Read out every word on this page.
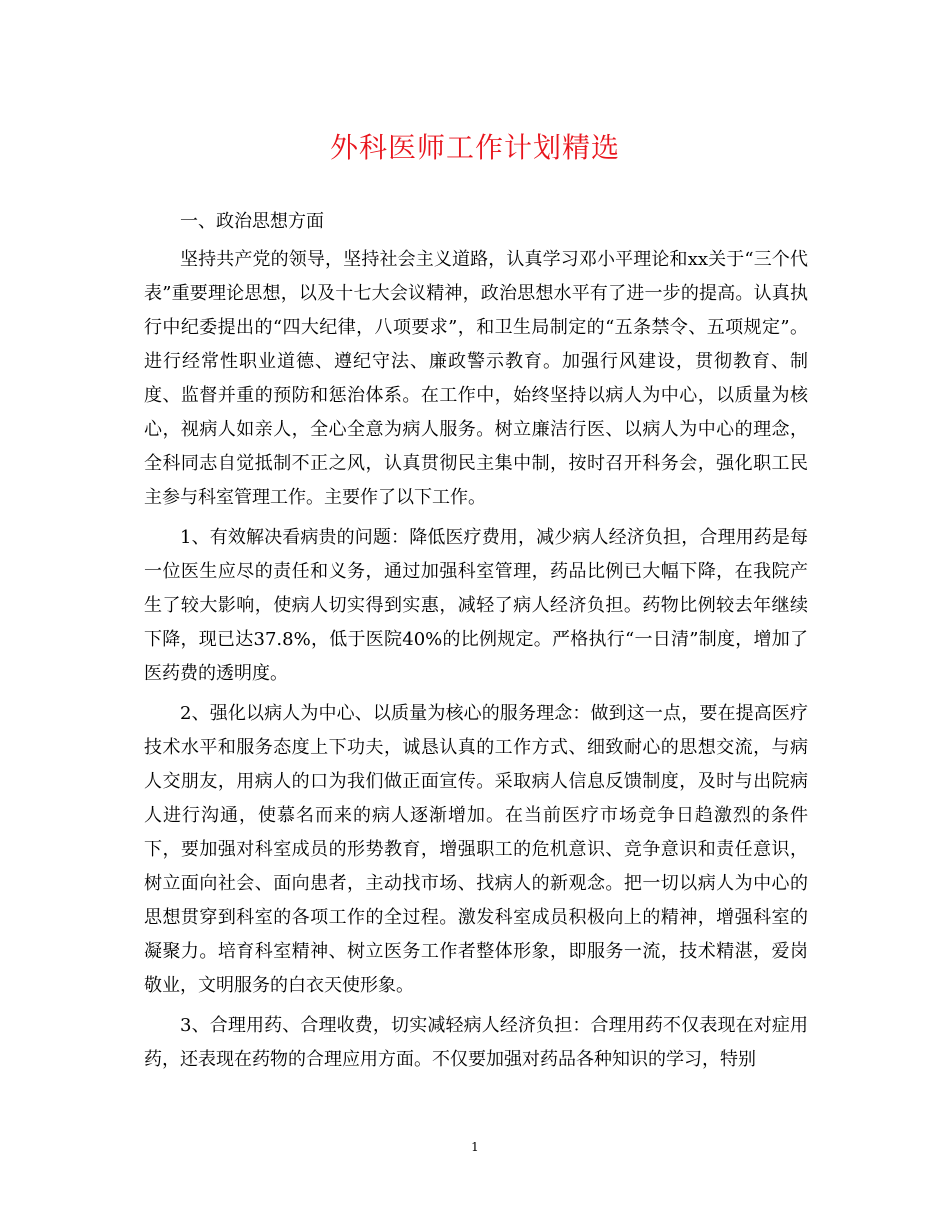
外科医师工作计划精选

一、政治思想方面

坚持共产党的领导，坚持社会主义道路，认真学习邓小平理论和xx关于“三个代表”重要理论思想，以及十七大会议精神，政治思想水平有了进一步的提高。认真执行中纪委提出的“四大纪律，八项要求”，和卫生局制定的“五条禁令、五项规定”。进行经常性职业道德、遵纪守法、廉政警示教育。加强行风建设，贯彻教育、制度、监督并重的预防和惩治体系。在工作中，始终坚持以病人为中心，以质量为核心，视病人如亲人，全心全意为病人服务。树立廉洁行医、以病人为中心的理念，全科同志自觉抵制不正之风，认真贯彻民主集中制，按时召开科务会，强化职工民主参与科室管理工作。主要作了以下工作。

1、有效解决看病贵的问题：降低医疗费用，减少病人经济负担，合理用药是每一位医生应尽的责任和义务，通过加强科室管理，药品比例已大幅下降，在我院产生了较大影响，使病人切实得到实惠，减轻了病人经济负担。药物比例较去年继续下降，现已达37.8%，低于医院40%的比例规定。严格执行“一日清”制度，增加了医药费的透明度。

2、强化以病人为中心、以质量为核心的服务理念：做到这一点，要在提高医疗技术水平和服务态度上下功夫，诚恳认真的工作方式、细致耐心的思想交流，与病人交朋友，用病人的口为我们做正面宣传。采取病人信息反馈制度，及时与出院病人进行沟通，使慕名而来的病人逐渐增加。在当前医疗市场竞争日趋激烈的条件下，要加强对科室成员的形势教育，增强职工的危机意识、竞争意识和责任意识，树立面向社会、面向患者，主动找市场、找病人的新观念。把一切以病人为中心的思想贯穿到科室的各项工作的全过程。激发科室成员积极向上的精神，增强科室的凝聚力。培育科室精神、树立医务工作者整体形象，即服务一流，技术精湛，爱岗敬业，文明服务的白衣天使形象。

3、合理用药、合理收费，切实减轻病人经济负担：合理用药不仅表现在对症用药，还表现在药物的合理应用方面。不仅要加强对药品各种知识的学习，特别

1
